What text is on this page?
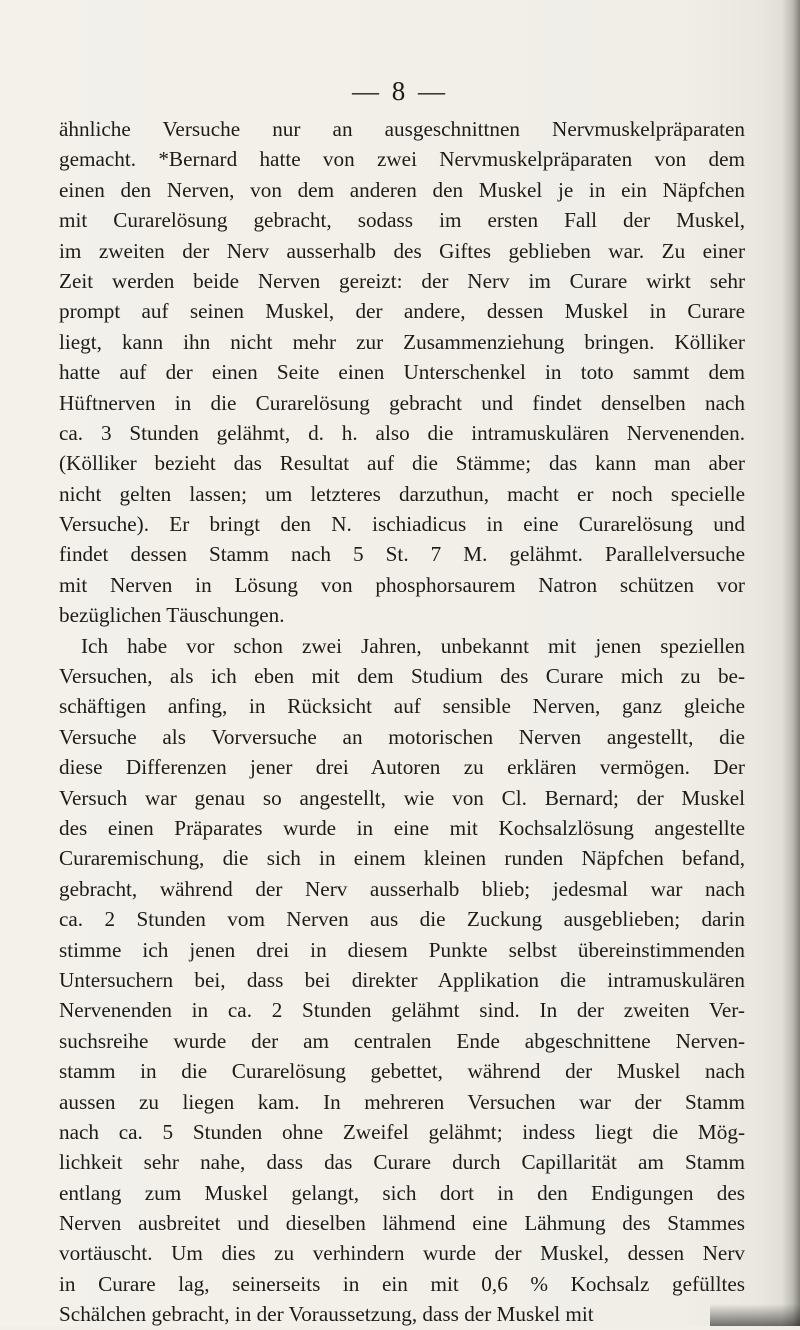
— 8 —
ähnliche Versuche nur an ausgeschnittnen Nervmuskelpräparaten
gemacht. *Bernard hatte von zwei Nervmuskelpräparaten von dem
einen den Nerven, von dem anderen den Muskel je in ein Näpfchen
mit Curarelösung gebracht, sodass im ersten Fall der Muskel,
im zweiten der Nerv ausserhalb des Giftes geblieben war. Zu einer
Zeit werden beide Nerven gereizt: der Nerv im Curare wirkt sehr
prompt auf seinen Muskel, der andere, dessen Muskel in Curare
liegt, kann ihn nicht mehr zur Zusammenziehung bringen. Kölliker
hatte auf der einen Seite einen Unterschenkel in toto sammt dem
Hüftnerven in die Curarelösung gebracht und findet denselben nach
ca. 3 Stunden gelähmt, d. h. also die intramuskulären Nervenenden.
(Kölliker bezieht das Resultat auf die Stämme; das kann man aber
nicht gelten lassen; um letzteres darzuthun, macht er noch specielle
Versuche). Er bringt den N. ischiadicus in eine Curarelösung und
findet dessen Stamm nach 5 St. 7 M. gelähmt. Parallelversuche
mit Nerven in Lösung von phosphorsaurem Natron schützen vor
bezüglichen Täuschungen.
Ich habe vor schon zwei Jahren, unbekannt mit jenen speziellen
Versuchen, als ich eben mit dem Studium des Curare mich zu be-
schäftigen anfing, in Rücksicht auf sensible Nerven, ganz gleiche
Versuche als Vorversuche an motorischen Nerven angestellt, die
diese Differenzen jener drei Autoren zu erklären vermögen. Der
Versuch war genau so angestellt, wie von Cl. Bernard; der Muskel
des einen Präparates wurde in eine mit Kochsalzlösung angestellte
Curaremischung, die sich in einem kleinen runden Näpfchen befand,
gebracht, während der Nerv ausserhalb blieb; jedesmal war nach
ca. 2 Stunden vom Nerven aus die Zuckung ausgeblieben; darin
stimme ich jenen drei in diesem Punkte selbst übereinstimmenden
Untersuchern bei, dass bei direkter Applikation die intramuskulären
Nervenenden in ca. 2 Stunden gelähmt sind. In der zweiten Ver-
suchsreihe wurde der am centralen Ende abgeschnittene Nerven-
stamm in die Curarelösung gebettet, während der Muskel nach
aussen zu liegen kam. In mehreren Versuchen war der Stamm
nach ca. 5 Stunden ohne Zweifel gelähmt; indess liegt die Mög-
lichkeit sehr nahe, dass das Curare durch Capillarität am Stamm
entlang zum Muskel gelangt, sich dort in den Endigungen des
Nerven ausbreitet und dieselben lähmend eine Lähmung des Stammes
vortäuscht. Um dies zu verhindern wurde der Muskel, dessen Nerv
in Curare lag, seinerseits in ein mit 0,6 % Kochsalz gefülltes
Schälchen gebracht, in der Voraussetzung, dass der Muskel mit
